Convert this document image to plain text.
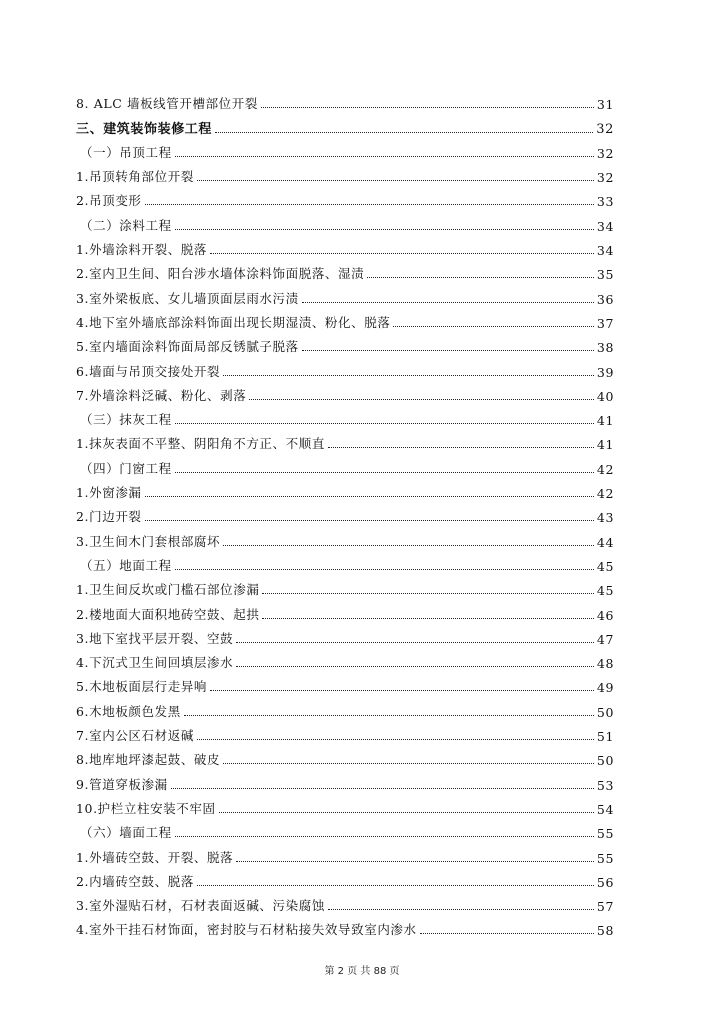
8. ALC 墙板线管开槽部位开裂	31
三、建筑装饰装修工程	32
（一）吊顶工程	32
1.吊顶转角部位开裂	32
2.吊顶变形	33
（二）涂料工程	34
1.外墙涂料开裂、脱落	34
2.室内卫生间、阳台涉水墙体涂料饰面脱落、湿渍	35
3.室外梁板底、女儿墙顶面层雨水污渍	36
4.地下室外墙底部涂料饰面出现长期湿渍、粉化、脱落	37
5.室内墙面涂料饰面局部反锈腻子脱落	38
6.墙面与吊顶交接处开裂	39
7.外墙涂料泛碱、粉化、剥落	40
（三）抹灰工程	41
1.抹灰表面不平整、阴阳角不方正、不顺直	41
（四）门窗工程	42
1.外窗渗漏	42
2.门边开裂	43
3.卫生间木门套根部腐坏	44
（五）地面工程	45
1.卫生间反坎或门槛石部位渗漏	45
2.楼地面大面积地砖空鼓、起拱	46
3.地下室找平层开裂、空鼓	47
4.下沉式卫生间回填层渗水	48
5.木地板面层行走异响	49
6.木地板颜色发黑	50
7.室内公区石材返碱	51
8.地库地坪漆起鼓、破皮	50
9.管道穿板渗漏	53
10.护栏立柱安装不牢固	54
（六）墙面工程	55
1.外墙砖空鼓、开裂、脱落	55
2.内墙砖空鼓、脱落	56
3.室外湿贴石材，石材表面返碱、污染腐蚀	57
4.室外干挂石材饰面，密封胶与石材粘接失效导致室内渗水	58
第 2 页 共 88 页
